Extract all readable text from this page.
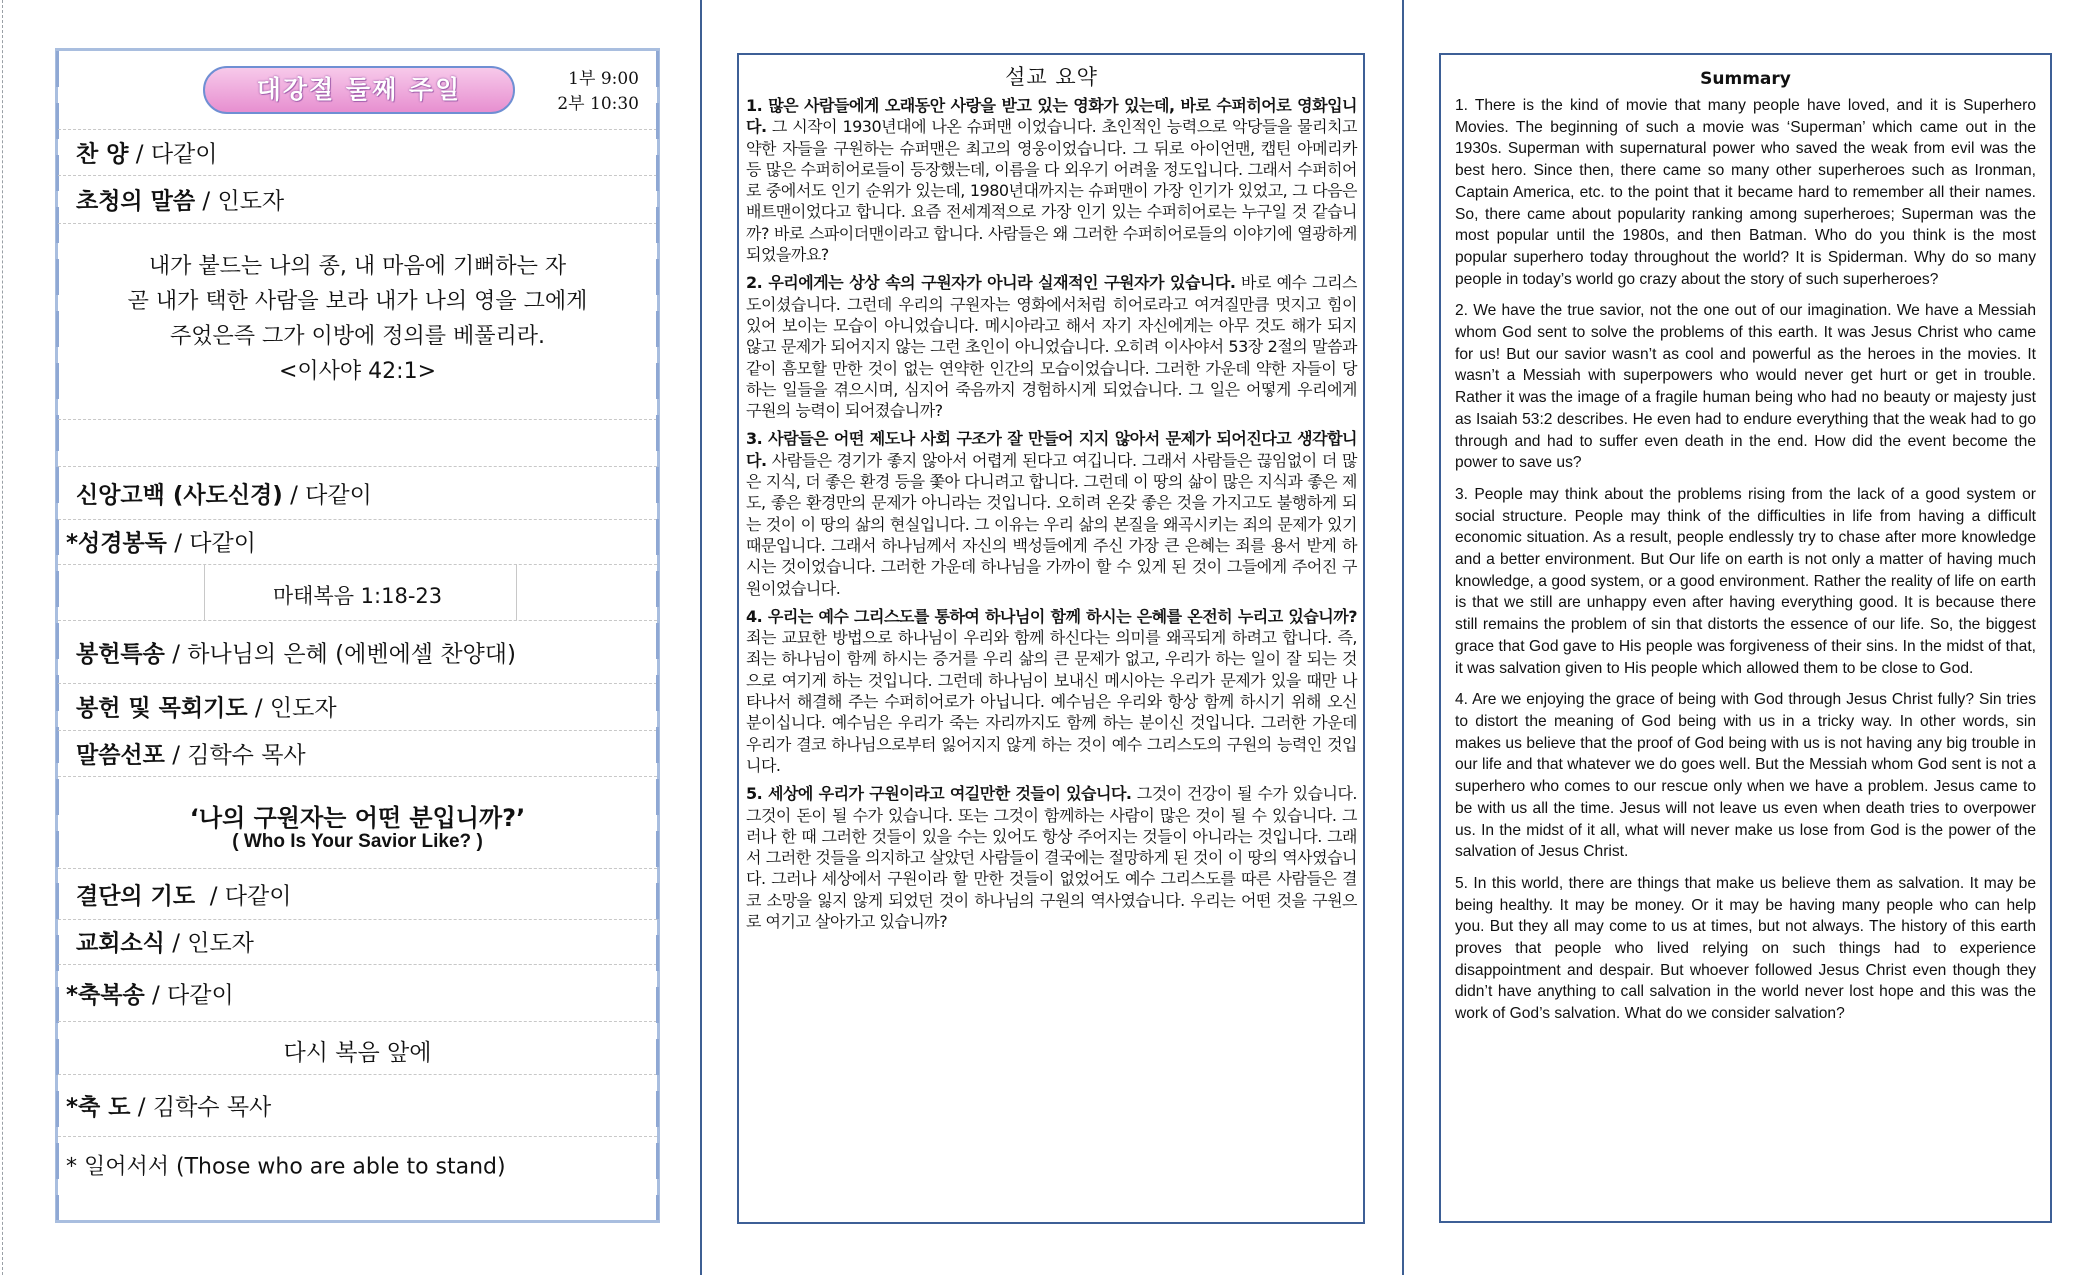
대강절 둘째 주일	1부 9:00
2부 10:30
찬 양 / 다같이
초청의 말씀 / 인도자
내가 붙드는 나의 종, 내 마음에 기뻐하는 자
곧 내가 택한 사람을 보라 내가 나의 영을 그에게
주었은즉 그가 이방에 정의를 베풀리라.
<이사야 42:1>
신앙고백 (사도신경) / 다같이
*성경봉독 / 다같이
마태복음 1:18-23
봉헌특송 / 하나님의 은혜 (에벤에셀 찬양대)
봉헌 및 목회기도 / 인도자
말씀선포 / 김학수 목사
‘나의 구원자는 어떤 분입니까?’
( Who Is Your Savior Like? )
결단의 기도 / 다같이
교회소식 / 인도자
*축복송 / 다같이
다시 복음 앞에
*축 도 / 김학수 목사
* 일어서서 (Those who are able to stand)
설교 요약

1. 많은 사람들에게 오래동안 사랑을 받고 있는 영화가 있는데, 바로 수퍼히어로 영화입니다. 그 시작이 1930년대에 나온 슈퍼맨 이었습니다. 초인적인 능력으로 악당들을 물리치고 약한 자들을 구원하는 슈퍼맨은 최고의 영웅이었습니다. 그 뒤로 아이언맨, 캡틴 아메리카 등 많은 수퍼히어로들이 등장했는데, 이름을 다 외우기 어려울 정도입니다. 그래서 수퍼히어로 중에서도 인기 순위가 있는데, 1980년대까지는 슈퍼맨이 가장 인기가 있었고, 그 다음은 배트맨이었다고 합니다. 요즘 전세계적으로 가장 인기 있는 수퍼히어로는 누구일 것 같습니까? 바로 스파이더맨이라고 합니다. 사람들은 왜 그러한 수퍼히어로들의 이야기에 열광하게 되었을까요?

2. 우리에게는 상상 속의 구원자가 아니라 실재적인 구원자가 있습니다. 바로 예수 그리스도이셨습니다. 그런데 우리의 구원자는 영화에서처럼 히어로라고 여겨질만큼 멋지고 힘이 있어 보이는 모습이 아니었습니다. 메시아라고 해서 자기 자신에게는 아무 것도 해가 되지 않고 문제가 되어지지 않는 그런 초인이 아니었습니다. 오히려 이사야서 53장 2절의 말씀과 같이 흠모할 만한 것이 없는 연약한 인간의 모습이었습니다. 그러한 가운데 약한 자들이 당하는 일들을 겪으시며, 심지어 죽음까지 경험하시게 되었습니다. 그 일은 어떻게 우리에게 구원의 능력이 되어졌습니까?

3. 사람들은 어떤 제도나 사회 구조가 잘 만들어 지지 않아서 문제가 되어진다고 생각합니다. 사람들은 경기가 좋지 않아서 어렵게 된다고 여깁니다. 그래서 사람들은 끊임없이 더 많은 지식, 더 좋은 환경 등을 쫓아 다니려고 합니다. 그런데 이 땅의 삶이 많은 지식과 좋은 제도, 좋은 환경만의 문제가 아니라는 것입니다. 오히려 온갖 좋은 것을 가지고도 불행하게 되는 것이 이 땅의 삶의 현실입니다. 그 이유는 우리 삶의 본질을 왜곡시키는 죄의 문제가 있기 때문입니다. 그래서 하나님께서 자신의 백성들에게 주신 가장 큰 은혜는 죄를 용서 받게 하시는 것이었습니다. 그러한 가운데 하나님을 가까이 할 수 있게 된 것이 그들에게 주어진 구원이었습니다.

4. 우리는 예수 그리스도를 통하여 하나님이 함께 하시는 은혜를 온전히 누리고 있습니까? 죄는 교묘한 방법으로 하나님이 우리와 함께 하신다는 의미를 왜곡되게 하려고 합니다. 즉, 죄는 하나님이 함께 하시는 증거를 우리 삶의 큰 문제가 없고, 우리가 하는 일이 잘 되는 것으로 여기게 하는 것입니다. 그런데 하나님이 보내신 메시아는 우리가 문제가 있을 때만 나타나서 해결해 주는 수퍼히어로가 아닙니다. 예수님은 우리와 항상 함께 하시기 위해 오신 분이십니다. 예수님은 우리가 죽는 자리까지도 함께 하는 분이신 것입니다. 그러한 가운데 우리가 결코 하나님으로부터 잃어지지 않게 하는 것이 예수 그리스도의 구원의 능력인 것입니다.

5. 세상에 우리가 구원이라고 여길만한 것들이 있습니다. 그것이 건강이 될 수가 있습니다. 그것이 돈이 될 수가 있습니다. 또는 그것이 함께하는 사람이 많은 것이 될 수 있습니다. 그러나 한 때 그러한 것들이 있을 수는 있어도 항상 주어지는 것들이 아니라는 것입니다. 그래서 그러한 것들을 의지하고 살았던 사람들이 결국에는 절망하게 된 것이 이 땅의 역사였습니다. 그러나 세상에서 구원이라 할 만한 것들이 없었어도 예수 그리스도를 따른 사람들은 결코 소망을 잃지 않게 되었던 것이 하나님의 구원의 역사였습니다. 우리는 어떤 것을 구원으로 여기고 살아가고 있습니까?

Summary

1. There is the kind of movie that many people have loved, and it is Superhero Movies. The beginning of such a movie was ‘Superman’ which came out in the 1930s. Superman with supernatural power who saved the weak from evil was the best hero. Since then, there came so many other superheroes such as Ironman, Captain America, etc. to the point that it became hard to remember all their names. So, there came about popularity ranking among superheroes; Superman was the most popular until the 1980s, and then Batman. Who do you think is the most popular superhero today throughout the world? It is Spiderman. Why do so many people in today’s world go crazy about the story of such superheroes?

2. We have the true savior, not the one out of our imagination. We have a Messiah whom God sent to solve the problems of this earth. It was Jesus Christ who came for us! But our savior wasn’t as cool and powerful as the heroes in the movies. It wasn’t a Messiah with superpowers who would never get hurt or get in trouble. Rather it was the image of a fragile human being who had no beauty or majesty just as Isaiah 53:2 describes. He even had to endure everything that the weak had to go through and had to suffer even death in the end. How did the event become the power to save us?

3. People may think about the problems rising from the lack of a good system or social structure. People may think of the difficulties in life from having a difficult economic situation. As a result, people endlessly try to chase after more knowledge and a better environment. But Our life on earth is not only a matter of having much knowledge, a good system, or a good environment. Rather the reality of life on earth is that we still are unhappy even after having everything good. It is because there still remains the problem of sin that distorts the essence of our life. So, the biggest grace that God gave to His people was forgiveness of their sins. In the midst of that, it was salvation given to His people which allowed them to be close to God.

4. Are we enjoying the grace of being with God through Jesus Christ fully? Sin tries to distort the meaning of God being with us in a tricky way. In other words, sin makes us believe that the proof of God being with us is not having any big trouble in our life and that whatever we do goes well. But the Messiah whom God sent is not a superhero who comes to our rescue only when we have a problem. Jesus came to be with us all the time. Jesus will not leave us even when death tries to overpower us. In the midst of it all, what will never make us lose from God is the power of the salvation of Jesus Christ.

5. In this world, there are things that make us believe them as salvation. It may be being healthy. It may be money. Or it may be having many people who can help you. But they all may come to us at times, but not always. The history of this earth proves that people who lived relying on such things had to experience disappointment and despair. But whoever followed Jesus Christ even though they didn’t have anything to call salvation in the world never lost hope and this was the work of God’s salvation. What do we consider salvation?
